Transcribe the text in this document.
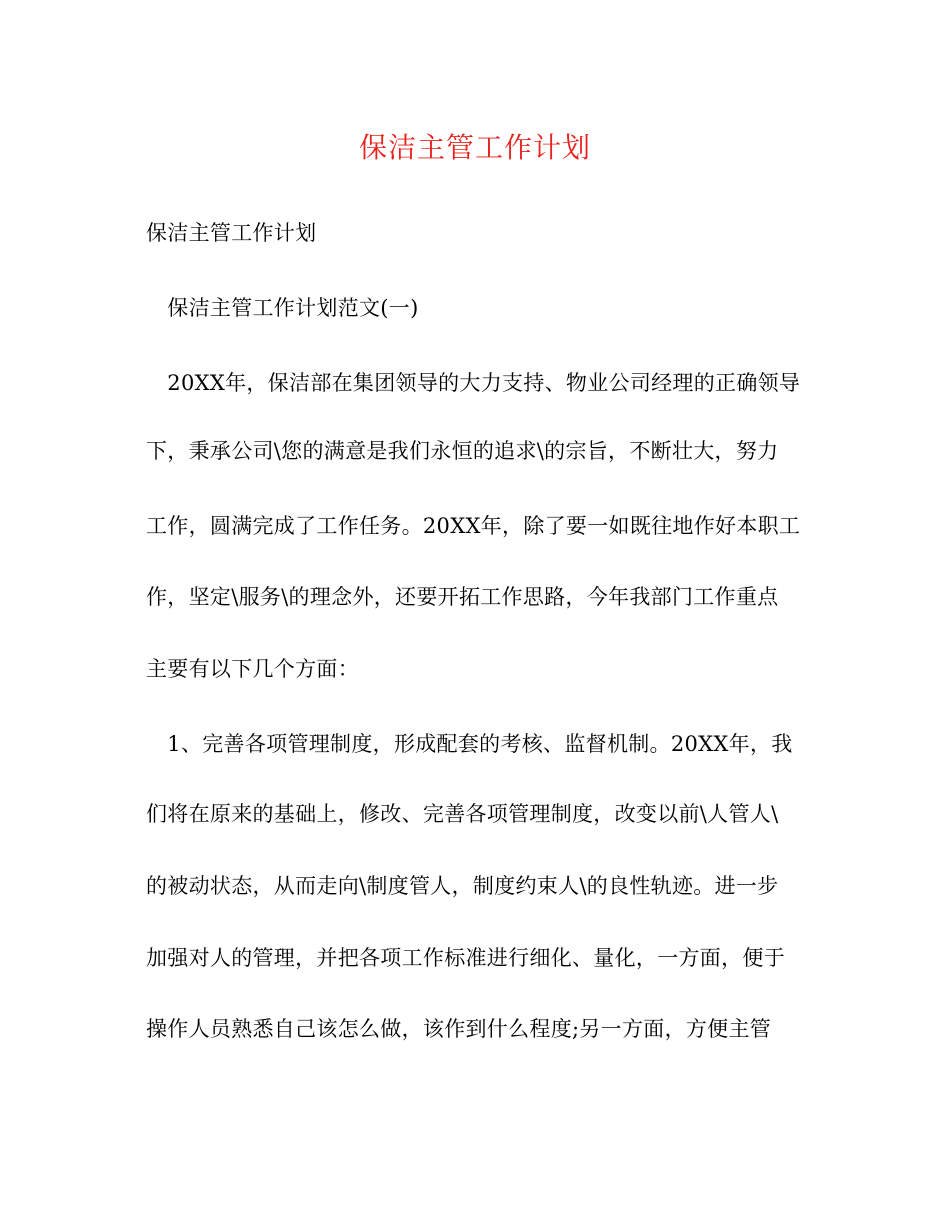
保洁主管工作计划
保洁主管工作计划
　保洁主管工作计划范文(一)
　20XX年，保洁部在集团领导的大力支持、物业公司经理的正确领导
下，秉承公司\您的满意是我们永恒的追求\的宗旨，不断壮大，努力
工作，圆满完成了工作任务。20XX年，除了要一如既往地作好本职工
作，坚定\服务\的理念外，还要开拓工作思路，今年我部门工作重点
主要有以下几个方面：
　1、完善各项管理制度，形成配套的考核、监督机制。20XX年，我
们将在原来的基础上，修改、完善各项管理制度，改变以前\人管人\
的被动状态，从而走向\制度管人，制度约束人\的良性轨迹。进一步
加强对人的管理，并把各项工作标准进行细化、量化，一方面，便于
操作人员熟悉自己该怎么做，该作到什么程度;另一方面，方便主管
